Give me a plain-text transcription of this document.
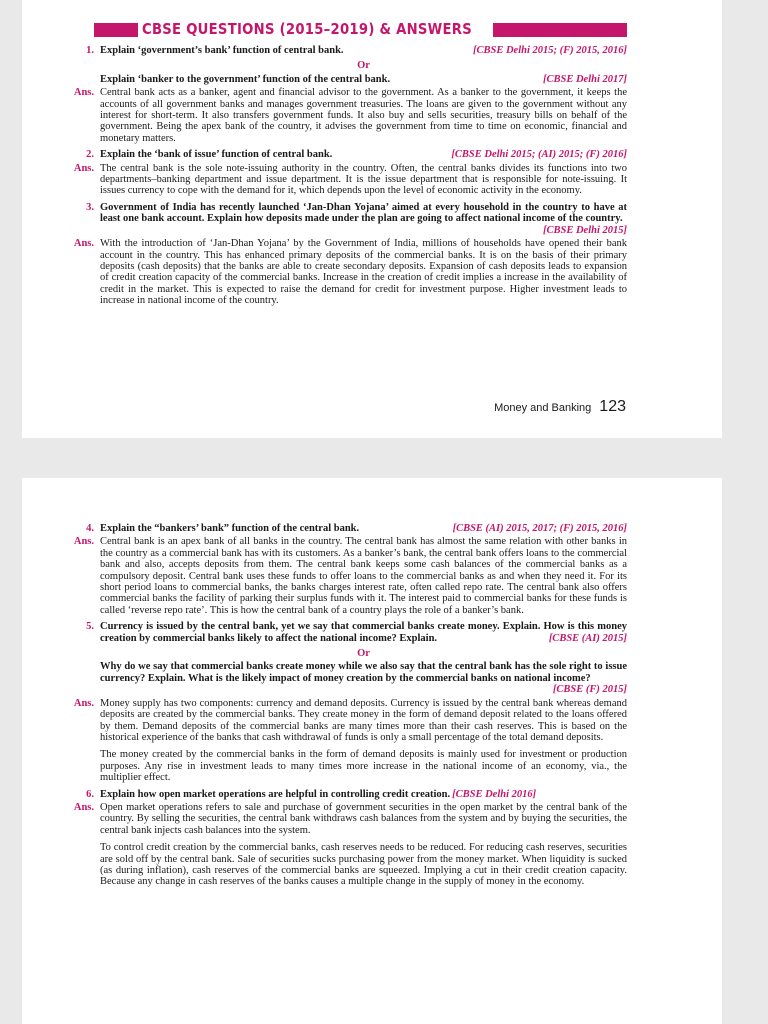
CBSE QUESTIONS (2015–2019) & ANSWERS
1.	[CBSE Delhi 2015; (F) 2015, 2016]
Explain ‘government’s bank’ function of central bank.
Or
[CBSE Delhi 2017]
Explain ‘banker to the government’ function of the central bank.
Ans. Central bank acts as a banker, agent and financial advisor to the government. As a banker to the government, it keeps the accounts of all government banks and manages government treasuries. The loans are given to the government without any interest for short-term. It also transfers government funds. It also buy and sells securities, treasury bills on behalf of the government. Being the apex bank of the country, it advises the government from time to time on economic, financial and monetary matters.
2.	[CBSE Delhi 2015; (AI) 2015; (F) 2016]
Explain the ‘bank of issue’ function of central bank.
Ans. The central bank is the sole note-issuing authority in the country. Often, the central banks divides its functions into two departments–banking department and issue department. It is the issue department that is responsible for note-issuing. It issues currency to cope with the demand for it, which depends upon the level of economic activity in the economy.
3. Government of India has recently launched ‘Jan-Dhan Yojana’ aimed at every household in the country to have at least one bank account. Explain how deposits made under the plan are going to affect national income of the country.
[CBSE Delhi 2015]
Ans. With the introduction of ‘Jan-Dhan Yojana’ by the Government of India, millions of households have opened their bank account in the country. This has enhanced primary deposits of the commercial banks. It is on the basis of their primary deposits (cash deposits) that the banks are able to create secondary deposits. Expansion of cash deposits leads to expansion of credit creation capacity of the commercial banks. Increase in the creation of credit implies a increase in the availability of credit in the market. This is expected to raise the demand for credit for investment purpose. Higher investment leads to increase in national income of the country.
Money and Banking 123
4.	[CBSE (AI) 2015, 2017; (F) 2015, 2016]
Explain the “bankers’ bank” function of the central bank.
Ans. Central bank is an apex bank of all banks in the country. The central bank has almost the same relation with other banks in the country as a commercial bank has with its customers. As a banker’s bank, the central bank offers loans to the commercial bank and also, accepts deposits from them. The central bank keeps some cash balances of the commercial banks as a compulsory deposit. Central bank uses these funds to offer loans to the commercial banks as and when they need it. For its short period loans to commercial banks, the banks charges interest rate, often called repo rate. The central bank also offers commercial banks the facility of parking their surplus funds with it. The interest paid to commercial banks for these funds is called ‘reverse repo rate’. This is how the central bank of a country plays the role of a banker’s bank.
5. Currency is issued by the central bank, yet we say that commercial banks create money. Explain. How is this money creation by commercial banks likely to affect the national income? Explain.	[CBSE (AI) 2015]
Or
Why do we say that commercial banks create money while we also say that the central bank has the sole right to issue currency? Explain. What is the likely impact of money creation by the commercial banks on national income?
[CBSE (F) 2015]
Ans. Money supply has two components: currency and demand deposits. Currency is issued by the central bank whereas demand deposits are created by the commercial banks. They create money in the form of demand deposit related to the loans offered by them. Demand deposits of the commercial banks are many times more than their cash reserves. This is based on the historical experience of the banks that cash withdrawal of funds is only a small percentage of the total demand deposits.
The money created by the commercial banks in the form of demand deposits is mainly used for investment or production purposes. Any rise in investment leads to many times more increase in the national income of an economy, via., the multiplier effect.
6. Explain how open market operations are helpful in controlling credit creation. [CBSE Delhi 2016]
Ans. Open market operations refers to sale and purchase of government securities in the open market by the central bank of the country. By selling the securities, the central bank withdraws cash balances from the system and by buying the securities, the central bank injects cash balances into the system.
To control credit creation by the commercial banks, cash reserves needs to be reduced. For reducing cash reserves, securities are sold off by the central bank. Sale of securities sucks purchasing power from the money market. When liquidity is sucked (as during inflation), cash reserves of the commercial banks are squeezed. Implying a cut in their credit creation capacity. Because any change in cash reserves of the banks causes a multiple change in the supply of money in the economy.
